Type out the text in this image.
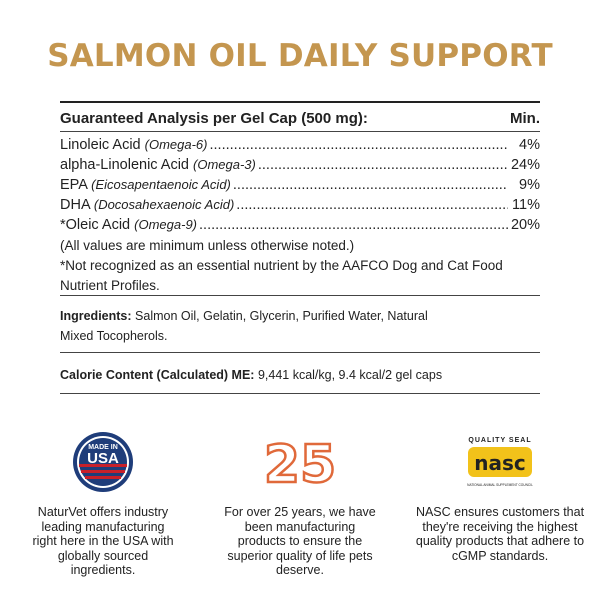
SALMON OIL DAILY SUPPORT
Guaranteed Analysis per Gel Cap (500 mg):	Min.
Linoleic Acid (Omega-6) .....	4%
alpha-Linolenic Acid (Omega-3) .....	24%
EPA (Eicosapentaenoic Acid) .....	9%
DHA (Docosahexaenoic Acid) .....	11%
*Oleic Acid (Omega-9) .....	20%
(All values are minimum unless otherwise noted.)
*Not recognized as an essential nutrient by the AAFCO Dog and Cat Food Nutrient Profiles.
Ingredients: Salmon Oil, Gelatin, Glycerin, Purified Water, Natural Mixed Tocopherols.
Calorie Content (Calculated) ME: 9,441 kcal/kg, 9.4 kcal/2 gel caps
MADE IN
USA
NaturVet offers industry leading manufacturing right here in the USA with globally sourced ingredients.
25
For over 25 years, we have been manufacturing products to ensure the superior quality of life pets deserve.
QUALITY SEAL
nasc
NATIONAL ANIMAL SUPPLEMENT COUNCIL
NASC ensures customers that they're receiving the highest quality products that adhere to cGMP standards.
